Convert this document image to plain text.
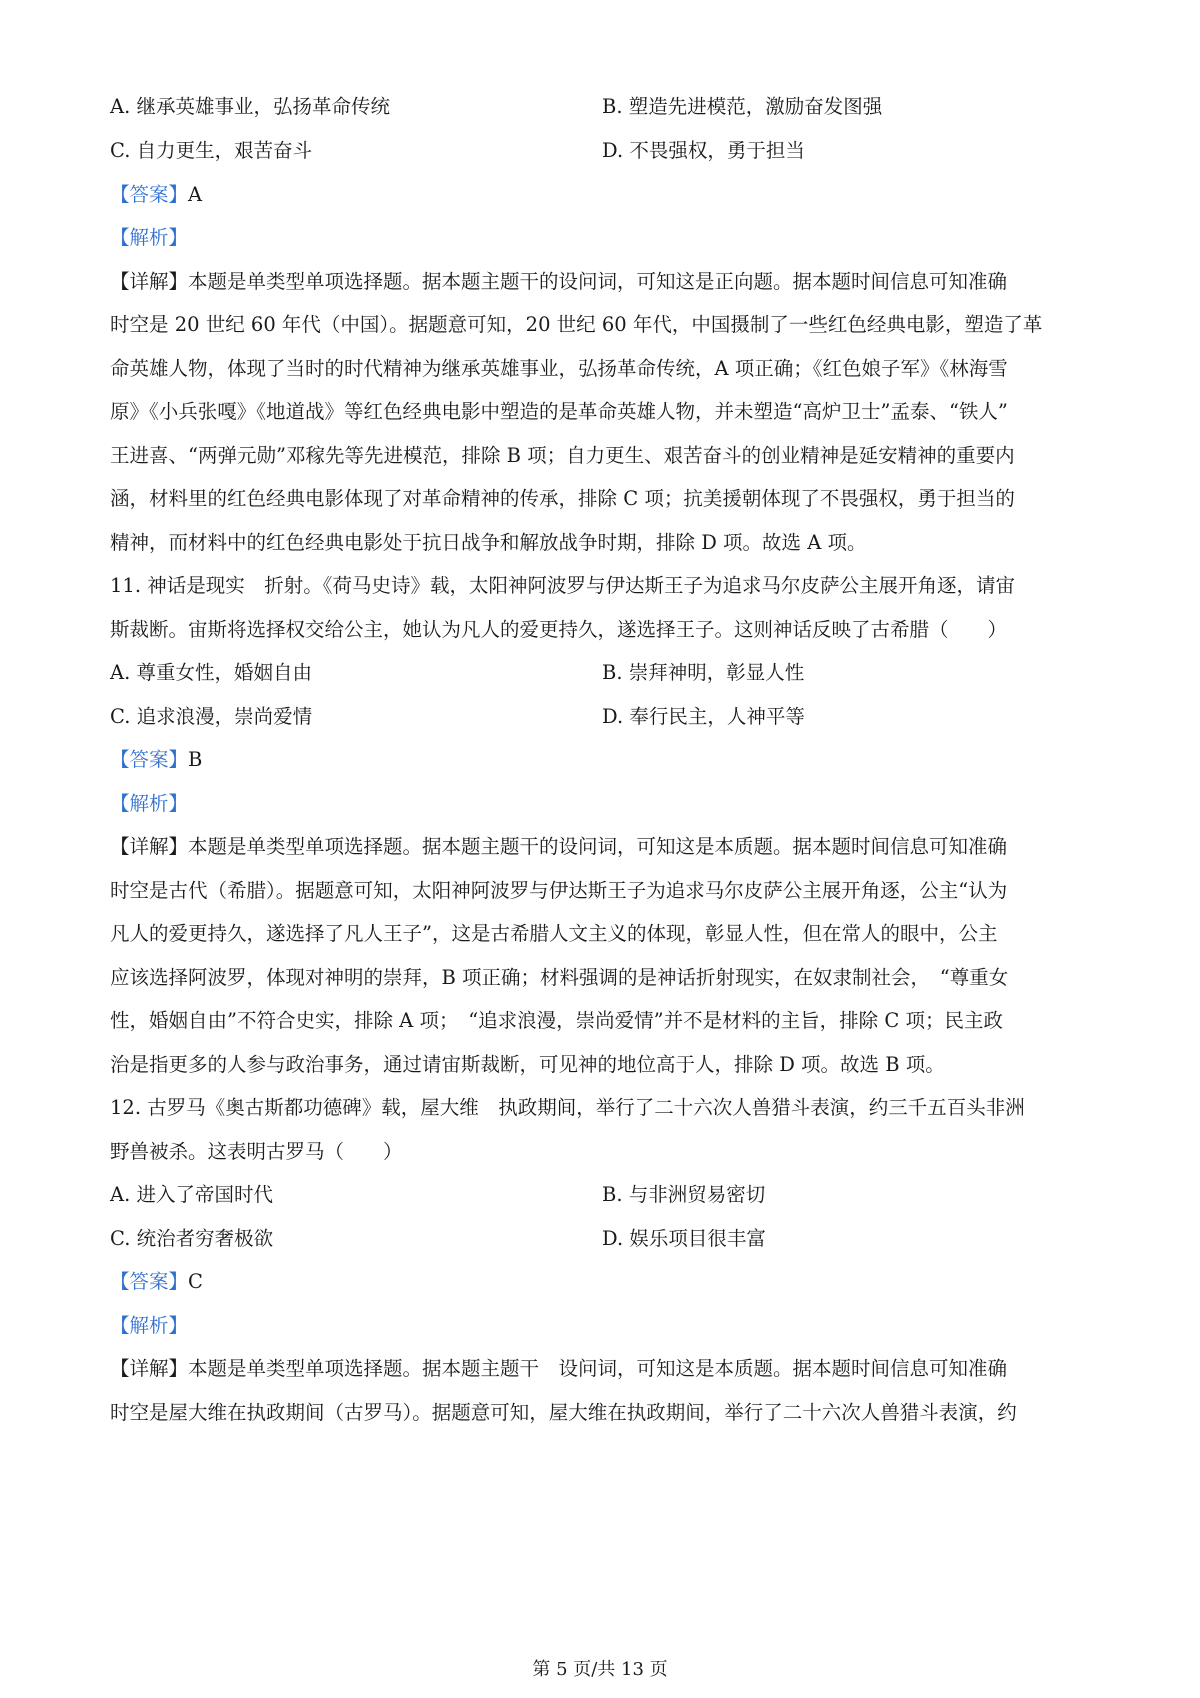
A. 继承英雄事业，弘扬革命传统	B. 塑造先进模范，激励奋发图强
C. 自力更生，艰苦奋斗	D. 不畏强权，勇于担当
【答案】A
【解析】
【详解】本题是单类型单项选择题。据本题主题干的设问词，可知这是正向题。据本题时间信息可知准确
时空是 20 世纪 60 年代（中国）。据题意可知，20 世纪 60 年代，中国摄制了一些红色经典电影，塑造了革
命英雄人物，体现了当时的时代精神为继承英雄事业，弘扬革命传统，A 项正确；《红色娘子军》《林海雪
原》《小兵张嘎》《地道战》等红色经典电影中塑造的是革命英雄人物，并未塑造“高炉卫士”孟泰、“铁人”
王进喜、“两弹元勋”邓稼先等先进模范，排除 B 项；自力更生、艰苦奋斗的创业精神是延安精神的重要内
涵，材料里的红色经典电影体现了对革命精神的传承，排除 C 项；抗美援朝体现了不畏强权，勇于担当的
精神，而材料中的红色经典电影处于抗日战争和解放战争时期，排除 D 项。故选 A 项。
11. 神话是现实　折射。《荷马史诗》载，太阳神阿波罗与伊达斯王子为追求马尔皮萨公主展开角逐，请宙
斯裁断。宙斯将选择权交给公主，她认为凡人的爱更持久，遂选择王子。这则神话反映了古希腊（　　）
A. 尊重女性，婚姻自由	B. 崇拜神明，彰显人性
C. 追求浪漫，崇尚爱情	D. 奉行民主，人神平等
【答案】B
【解析】
【详解】本题是单类型单项选择题。据本题主题干的设问词，可知这是本质题。据本题时间信息可知准确
时空是古代（希腊）。据题意可知，太阳神阿波罗与伊达斯王子为追求马尔皮萨公主展开角逐，公主“认为
凡人的爱更持久，遂选择了凡人王子”，这是古希腊人文主义的体现，彰显人性，但在常人的眼中，公主
应该选择阿波罗，体现对神明的崇拜，B 项正确；材料强调的是神话折射现实，在奴隶制社会，　“尊重女
性，婚姻自由”不符合史实，排除 A 项；　“追求浪漫，崇尚爱情”并不是材料的主旨，排除 C 项；民主政
治是指更多的人参与政治事务，通过请宙斯裁断，可见神的地位高于人，排除 D 项。故选 B 项。
12. 古罗马《奥古斯都功德碑》载，屋大维　执政期间，举行了二十六次人兽猎斗表演，约三千五百头非洲
野兽被杀。这表明古罗马（　　）
A. 进入了帝国时代	B. 与非洲贸易密切
C. 统治者穷奢极欲	D. 娱乐项目很丰富
【答案】C
【解析】
【详解】本题是单类型单项选择题。据本题主题干　设问词，可知这是本质题。据本题时间信息可知准确
时空是屋大维在执政期间（古罗马）。据题意可知，屋大维在执政期间，举行了二十六次人兽猎斗表演，约
第 5 页/共 13 页
